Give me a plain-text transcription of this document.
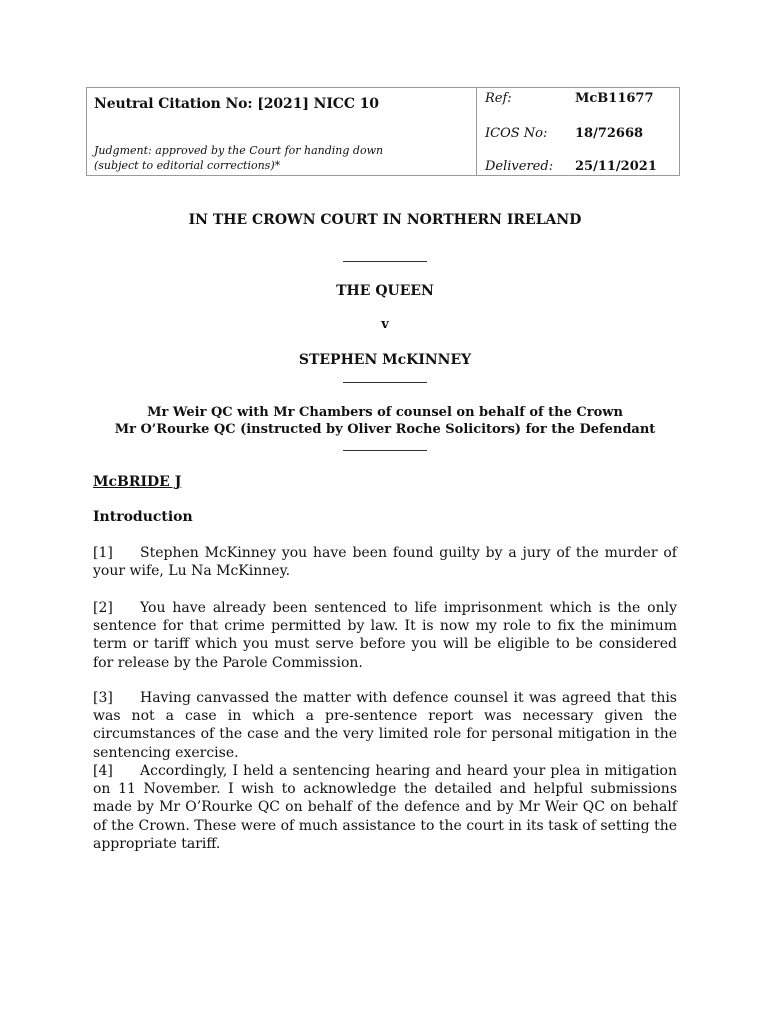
Neutral Citation No: [2021] NICC 10
Judgment: approved by the Court for handing down
(subject to editorial corrections)*
Ref:	McB11677
ICOS No: 18/72668
Delivered: 25/11/2021
IN THE CROWN COURT IN NORTHERN IRELAND
THE QUEEN
v
STEPHEN McKINNEY
Mr Weir QC with Mr Chambers of counsel on behalf of the Crown
Mr O’Rourke QC (instructed by Oliver Roche Solicitors) for the Defendant
McBRIDE J
Introduction
[1] Stephen McKinney you have been found guilty by a jury of the murder of your wife, Lu Na McKinney.
[2] You have already been sentenced to life imprisonment which is the only sentence for that crime permitted by law. It is now my role to fix the minimum term or tariff which you must serve before you will be eligible to be considered for release by the Parole Commission.
[3] Having canvassed the matter with defence counsel it was agreed that this was not a case in which a pre-sentence report was necessary given the circumstances of the case and the very limited role for personal mitigation in the sentencing exercise.
[4] Accordingly, I held a sentencing hearing and heard your plea in mitigation on 11 November. I wish to acknowledge the detailed and helpful submissions made by Mr O’Rourke QC on behalf of the defence and by Mr Weir QC on behalf of the Crown. These were of much assistance to the court in its task of setting the appropriate tariff.
